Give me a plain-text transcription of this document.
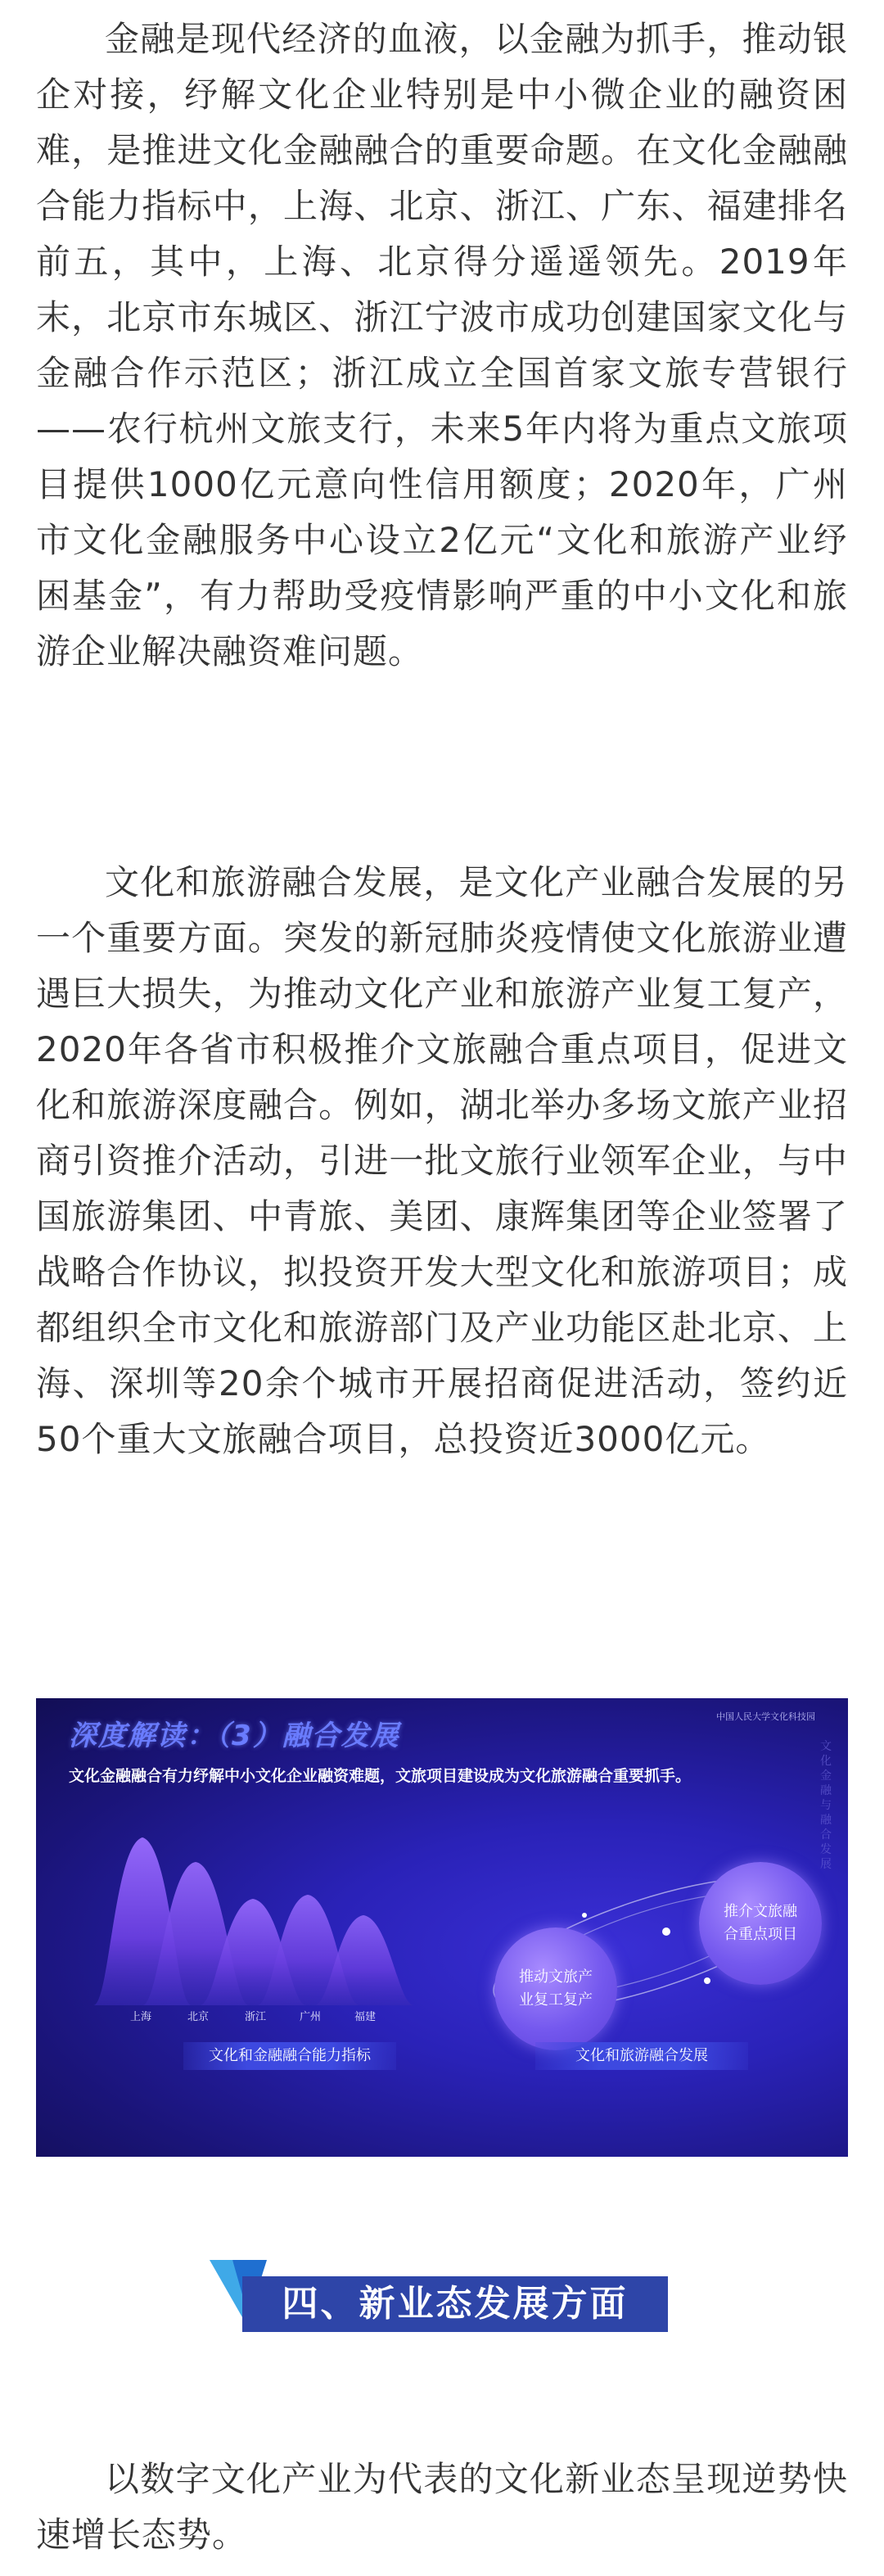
金融是现代经济的血液，以金融为抓手，推动银企对接，纾解文化企业特别是中小微企业的融资困难，是推进文化金融融合的重要命题。在文化金融融合能力指标中，上海、北京、浙江、广东、福建排名前五，其中，上海、北京得分遥遥领先。2019年末，北京市东城区、浙江宁波市成功创建国家文化与金融合作示范区；浙江成立全国首家文旅专营银行——农行杭州文旅支行，未来5年内将为重点文旅项目提供1000亿元意向性信用额度；2020年，广州市文化金融服务中心设立2亿元“文化和旅游产业纾困基金”，有力帮助受疫情影响严重的中小文化和旅游企业解决融资难问题。

文化和旅游融合发展，是文化产业融合发展的另一个重要方面。突发的新冠肺炎疫情使文化旅游业遭遇巨大损失，为推动文化产业和旅游产业复工复产，2020年各省市积极推介文旅融合重点项目，促进文化和旅游深度融合。例如，湖北举办多场文旅产业招商引资推介活动，引进一批文旅行业领军企业，与中国旅游集团、中青旅、美团、康辉集团等企业签署了战略合作协议，拟投资开发大型文化和旅游项目；成都组织全市文化和旅游部门及产业功能区赴北京、上海、深圳等20余个城市开展招商促进活动，签约近50个重大文旅融合项目，总投资近3000亿元。

深度解读：（3）融合发展
中国人民大学文化科技园
文化金融融合有力纾解中小文化企业融资难题，文旅项目建设成为文化旅游融合重要抓手。
文化金融与融合发展
上海	北京	浙江	广州	福建
文化和金融融合能力指标
推动文旅产
业复工复产
推介文旅融
合重点项目
文化和旅游融合发展
四、新业态发展方面

以数字文化产业为代表的文化新业态呈现逆势快速增长态势。
